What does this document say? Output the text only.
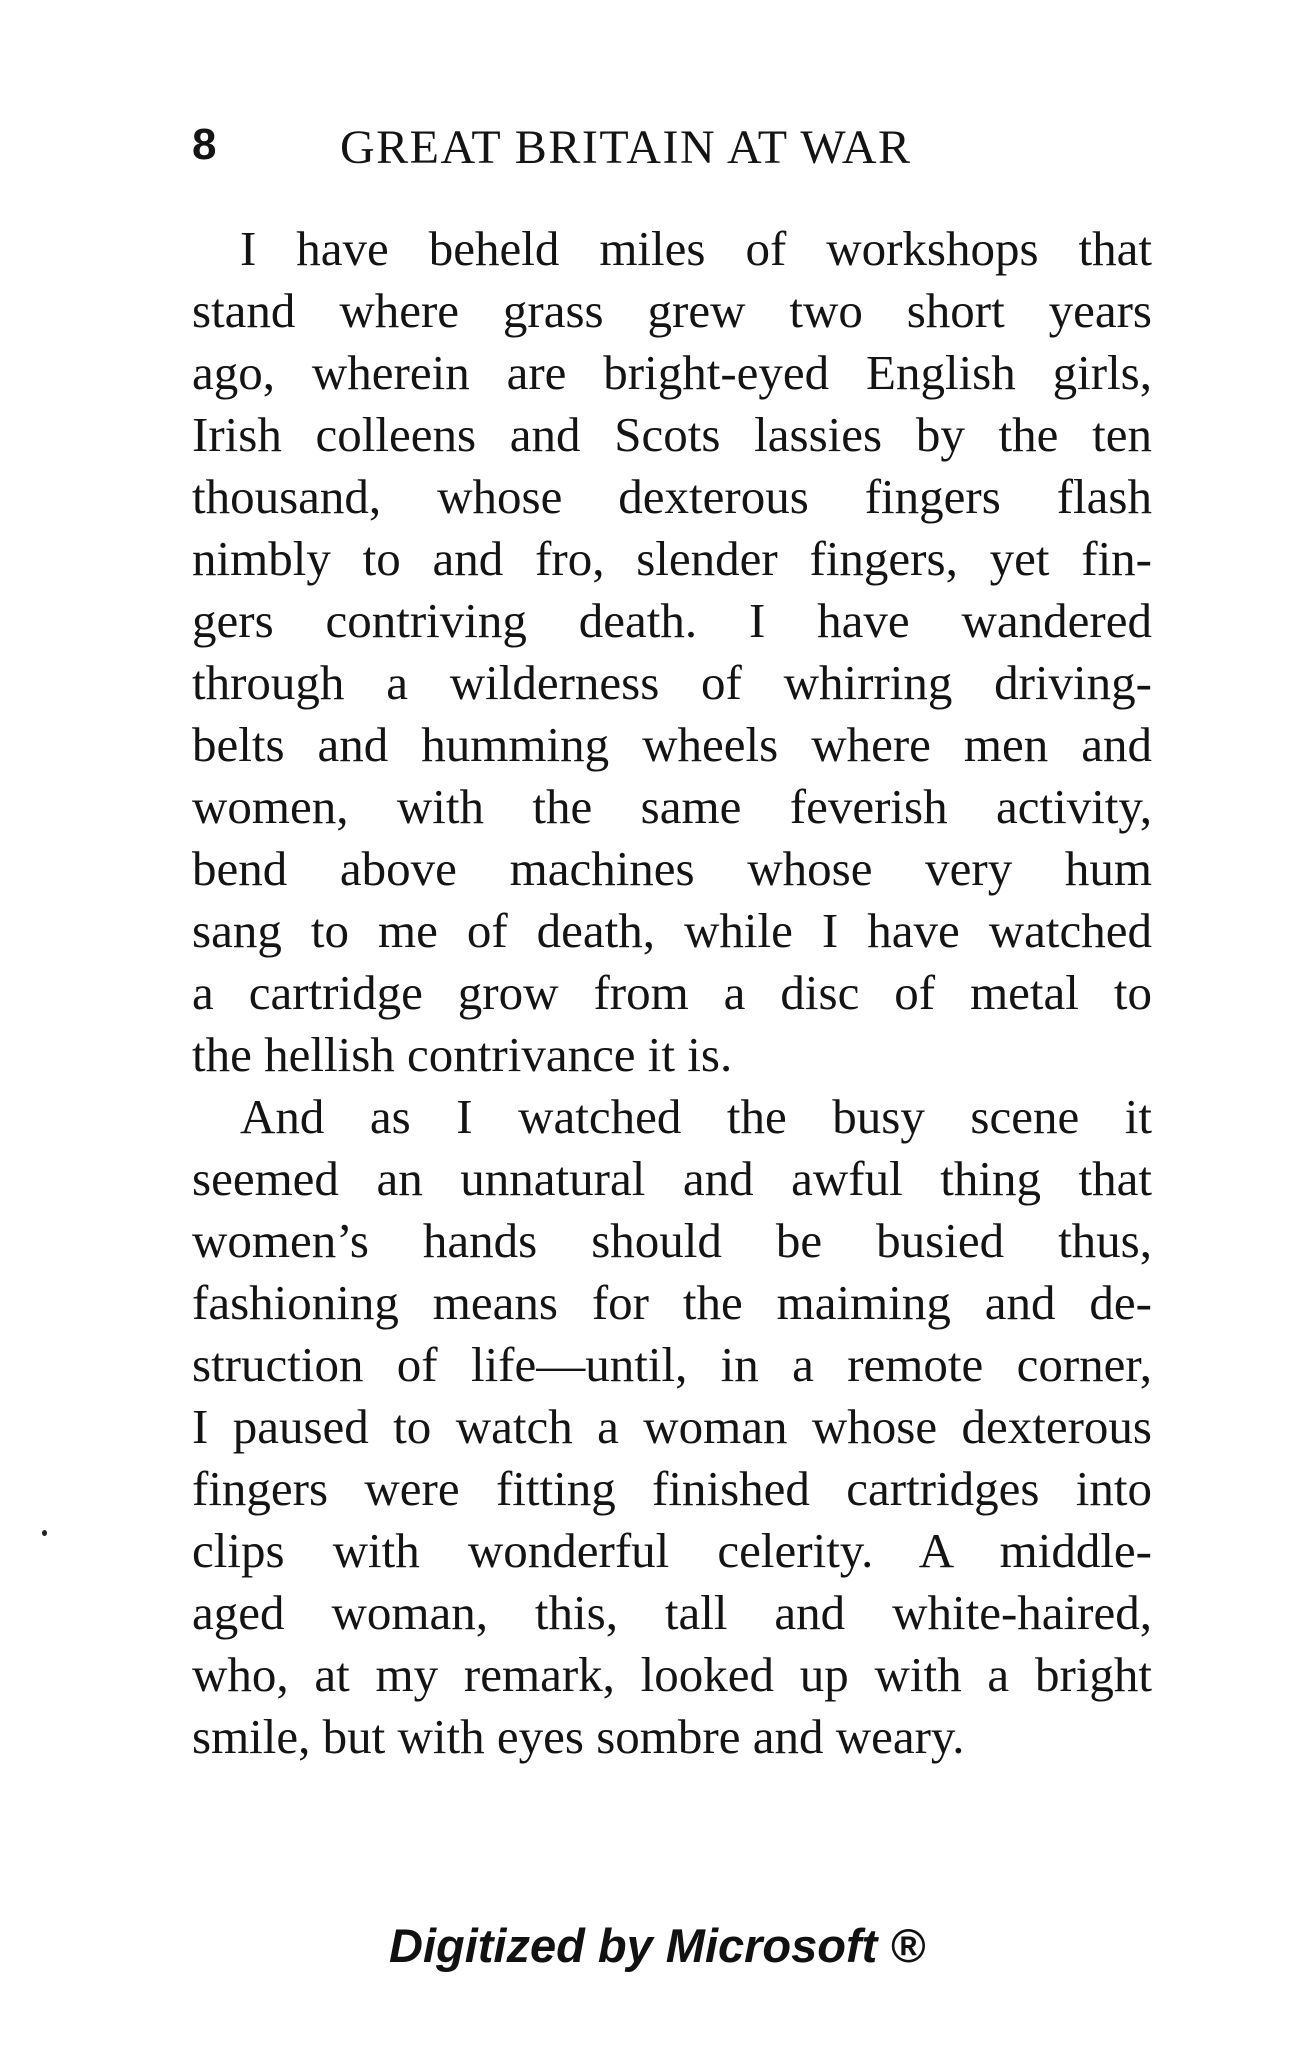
8	GREAT BRITAIN AT WAR
I have beheld miles of workshops that
stand where grass grew two short years
ago, wherein are bright-eyed English girls,
Irish colleens and Scots lassies by the ten
thousand, whose dexterous fingers flash
nimbly to and fro, slender fingers, yet fin-
gers contriving death. I have wandered
through a wilderness of whirring driving-
belts and humming wheels where men and
women, with the same feverish activity,
bend above machines whose very hum
sang to me of death, while I have watched
a cartridge grow from a disc of metal to
the hellish contrivance it is.
And as I watched the busy scene it
seemed an unnatural and awful thing that
women’s hands should be busied thus,
fashioning means for the maiming and de-
struction of life—until, in a remote corner,
I paused to watch a woman whose dexterous
fingers were fitting finished cartridges into
clips with wonderful celerity. A middle-
aged woman, this, tall and white-haired,
who, at my remark, looked up with a bright
smile, but with eyes sombre and weary.
Digitized by Microsoft ®
